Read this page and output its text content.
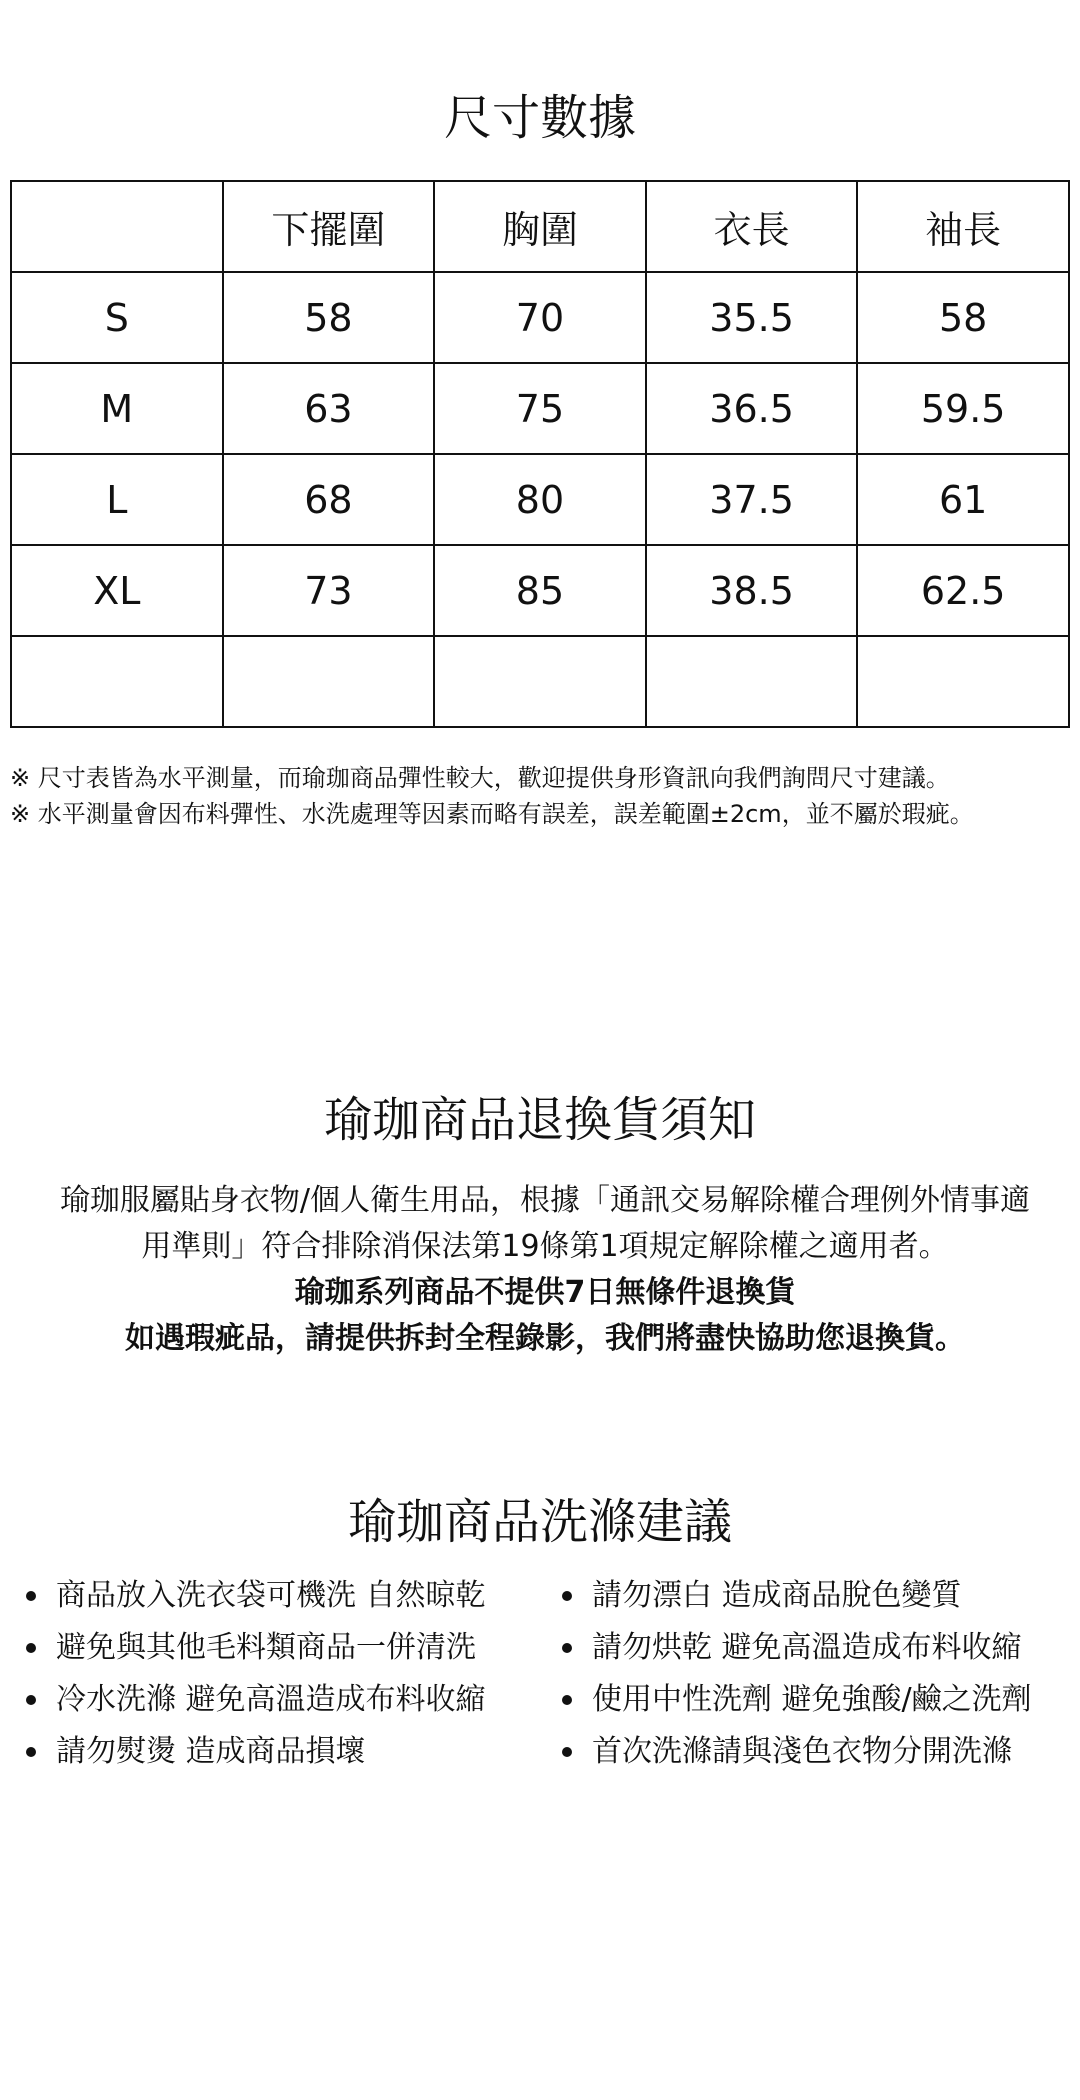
尺寸數據
	下擺圍	胸圍	衣長	袖長
S	58	70	35.5	58
M	63	75	36.5	59.5
L	68	80	37.5	61
XL	73	85	38.5	62.5

※ 尺寸表皆為水平測量，而瑜珈商品彈性較大，歡迎提供身形資訊向我們詢問尺寸建議。

※ 水平測量會因布料彈性、水洗處理等因素而略有誤差，誤差範圍±2cm，並不屬於瑕疵。

瑜珈商品退換貨須知

瑜珈服屬貼身衣物/個人衛生用品，根據「通訊交易解除權合理例外情事適

用準則」符合排除消保法第19條第1項規定解除權之適用者。

瑜珈系列商品不提供7日無條件退換貨

如遇瑕疵品，請提供拆封全程錄影，我們將盡快協助您退換貨。

瑜珈商品洗滌建議
商品放入洗衣袋可機洗 自然晾乾
避免與其他毛料類商品一併清洗
冷水洗滌 避免高溫造成布料收縮
請勿熨燙 造成商品損壞
請勿漂白 造成商品脫色變質
請勿烘乾 避免高溫造成布料收縮
使用中性洗劑 避免強酸/鹼之洗劑
首次洗滌請與淺色衣物分開洗滌
